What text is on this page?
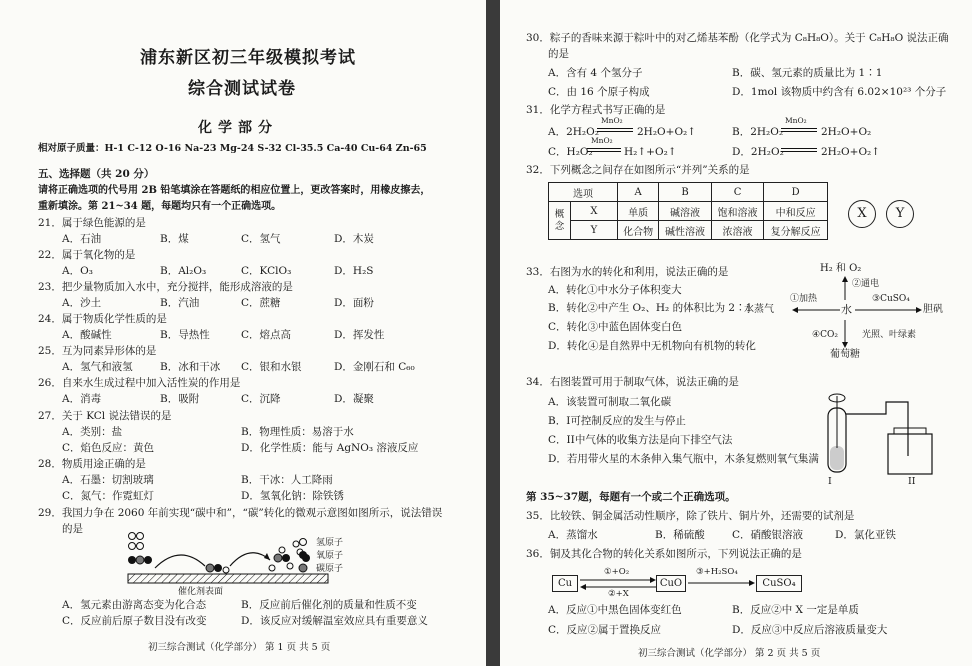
浦东新区初三年级模拟考试
综合测试试卷
化学部分
相对原子质量：H-1 C-12 O-16 Na-23 Mg-24 S-32 Cl-35.5 Ca-40 Cu-64 Zn-65
五、选择题（共 20 分）
请将正确选项的代号用 2B 铅笔填涂在答题纸的相应位置上，更改答案时，用橡皮擦去，
重新填涂。第 21~34 题，每题均只有一个正确选项。
21．属于绿色能源的是
A．石油	B．煤	C．氢气	D．木炭
22．属于氧化物的是
A．O₃	B．Al₂O₃	C．KClO₃	D．H₂S
23．把少量物质加入水中，充分搅拌，能形成溶液的是
A．沙土	B．汽油	C．蔗糖	D．面粉
24．属于物质化学性质的是
A．酸碱性	B．导热性	C．熔点高	D．挥发性
25．互为同素异形体的是
A．氢气和液氢	B．冰和干冰 C．银和水银	D．金刚石和 C₆₀
26．自来水生成过程中加入活性炭的作用是
A．消毒	B．吸附	C．沉降	D．凝聚
27．关于 KCl 说法错误的是
A．类别：盐	B．物理性质：易溶于水
C．焰色反应：黄色	D．化学性质：能与 AgNO₃ 溶液反应
28．物质用途正确的是
A．石墨：切割玻璃	B．干冰：人工降雨
C．氮气：作霓虹灯	D．氢氧化钠：除铁锈
29．我国力争在 2060 年前实现“碳中和”，“碳”转化的微观示意图如图所示，说法错误
的是
氢原子
氧原子
碳原子
催化剂表面
A．氢元素由游离态变为化合态	B．反应前后催化剂的质量和性质不变
C．反应前后原子数目没有改变	D．该反应对缓解温室效应具有重要意义
初三综合测试（化学部分） 第 1 页 共 5 页
30．粽子的香味来源于粽叶中的对乙烯基苯酚（化学式为 C₈H₈O）。关于 C₈H₈O 说法正确
的是
A．含有 4 个氢分子	B．碳、氢元素的质量比为 1∶1
C．由 16 个原子构成	D．1mol 该物质中约含有 6.02×10²³ 个分子
31．化学方程式书写正确的是
A．2H₂O₂
MnO₂
2H₂O+O₂↑	B．2H₂O₂
MnO₂
2H₂O+O₂
C．H₂O₂
MnO₂
H₂↑+O₂↑	D．2H₂O₂	2H₂O+O₂↑
32．下列概念之间存在如图所示“并列”关系的是
选项		A	B	C	D
概念	X	单质	碱溶液	饱和溶液	中和反应
	Y	化合物	碱性溶液	浓溶液	复分解反应
X	Y
33．右图为水的转化和利用，说法正确的是
A．转化①中水分子体积变大
B．转化②中产生 O₂、H₂ 的体积比为 2∶1
C．转化③中蓝色固体变白色
D．转化④是自然界中无机物向有机物的转化
H₂ 和 O₂
②通电
①加热	③CuSO₄
水蒸气	水	胆矾
④CO₂	光照、叶绿素
葡萄糖
34．右图装置可用于制取气体，说法正确的是
A．该装置可制取二氧化碳
B．I可控制反应的发生与停止
C．II中气体的收集方法是向下排空气法
D．若用带火星的木条伸入集气瓶中，木条复燃则氧气集满
I	II
第 35~37题，每题有一个或二个正确选项。
35．比较铁、铜金属活动性顺序，除了铁片、铜片外，还需要的试剂是
A．蒸馏水	B．稀硫酸	C．硝酸银溶液	D．氯化亚铁
36．铜及其化合物的转化关系如图所示，下列说法正确的是
Cu	CuO	CuSO₄
①+O₂
②+X
③+H₂SO₄
A．反应①中黑色固体变红色	B．反应②中 X 一定是单质
C．反应②属于置换反应	D．反应③中反应后溶液质量变大
初三综合测试（化学部分） 第 2 页 共 5 页
